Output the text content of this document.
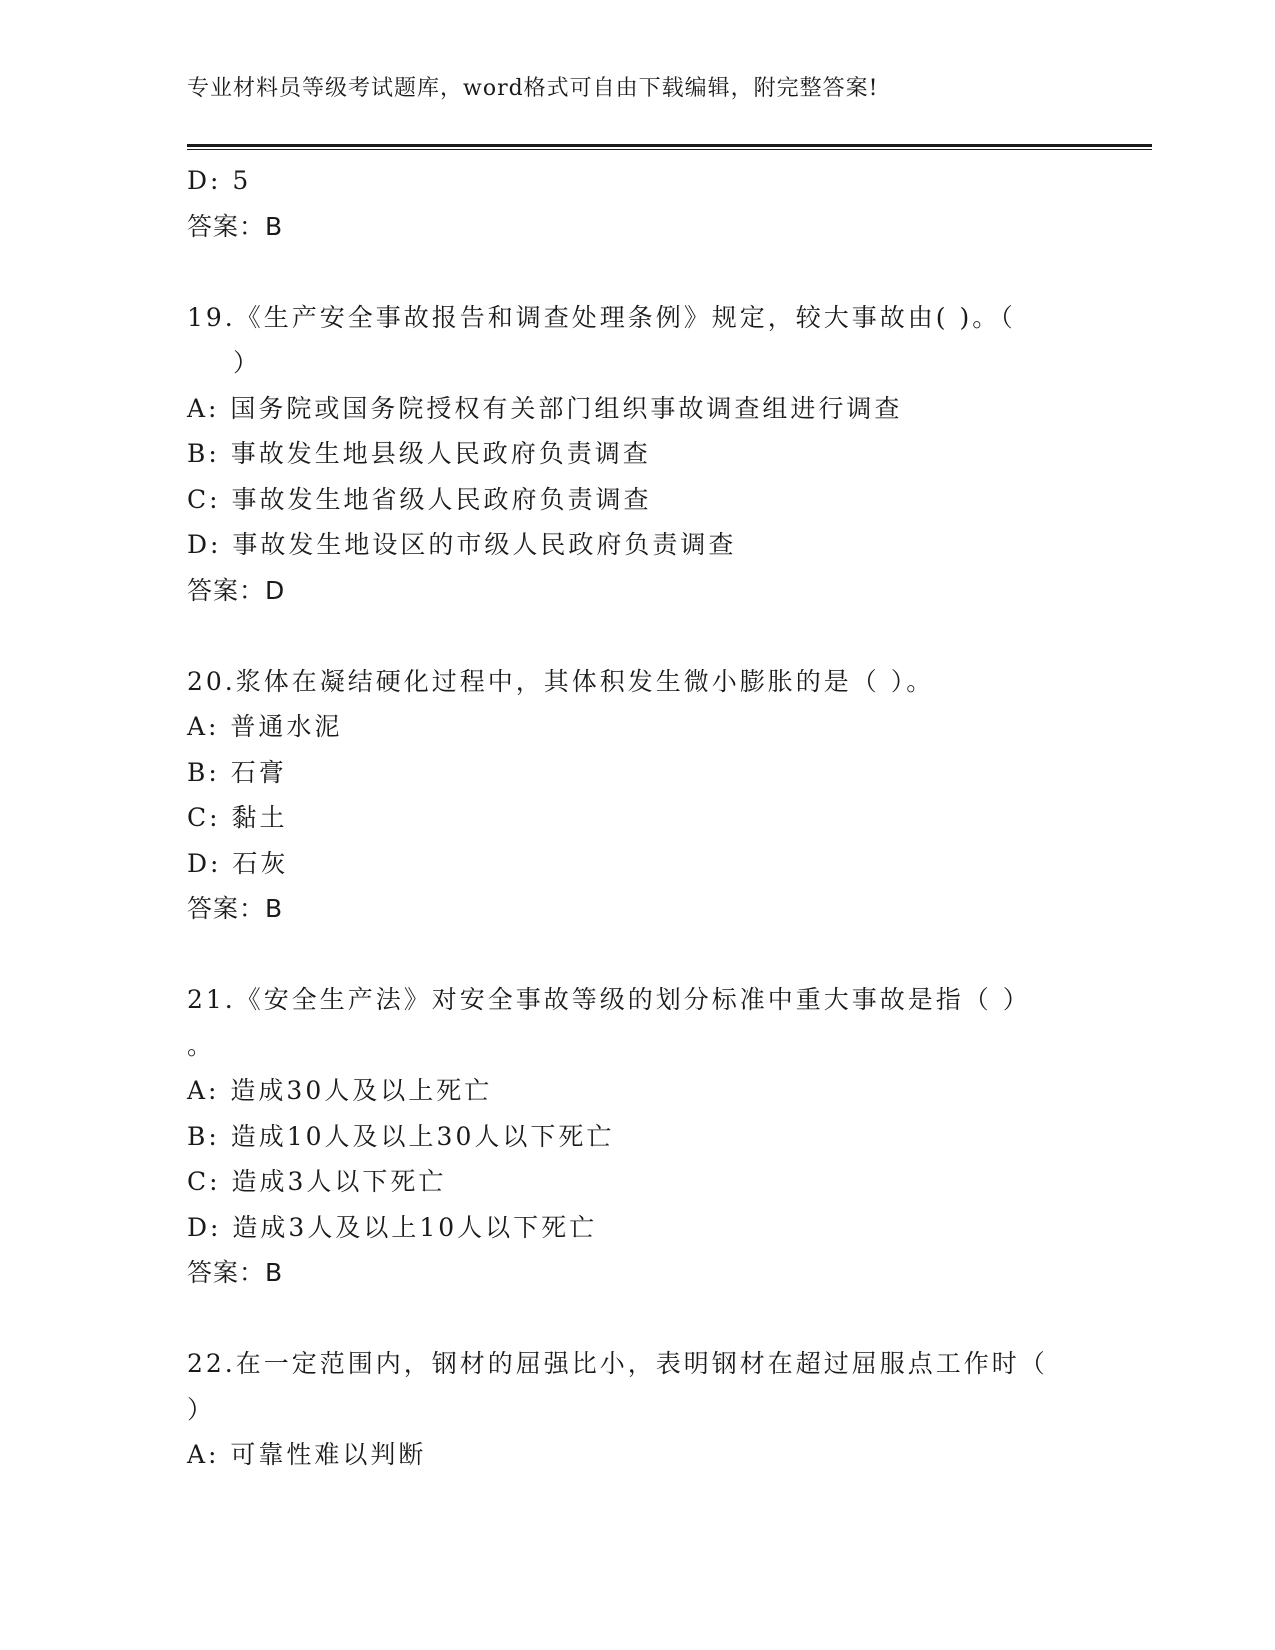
专业材料员等级考试题库，word格式可自由下载编辑，附完整答案!
D: 5
答案：B
19.《生产安全事故报告和调查处理条例》规定，较大事故由( )。（
）
A: 国务院或国务院授权有关部门组织事故调查组进行调查
B: 事故发生地县级人民政府负责调查
C: 事故发生地省级人民政府负责调查
D: 事故发生地设区的市级人民政府负责调查
答案：D
20.浆体在凝结硬化过程中，其体积发生微小膨胀的是（ ）。
A: 普通水泥
B: 石膏
C: 黏土
D: 石灰
答案：B
21.《安全生产法》对安全事故等级的划分标准中重大事故是指（ ）
。
A: 造成30人及以上死亡
B: 造成10人及以上30人以下死亡
C: 造成3人以下死亡
D: 造成3人及以上10人以下死亡
答案：B
22.在一定范围内，钢材的屈强比小，表明钢材在超过屈服点工作时（
）
A: 可靠性难以判断
